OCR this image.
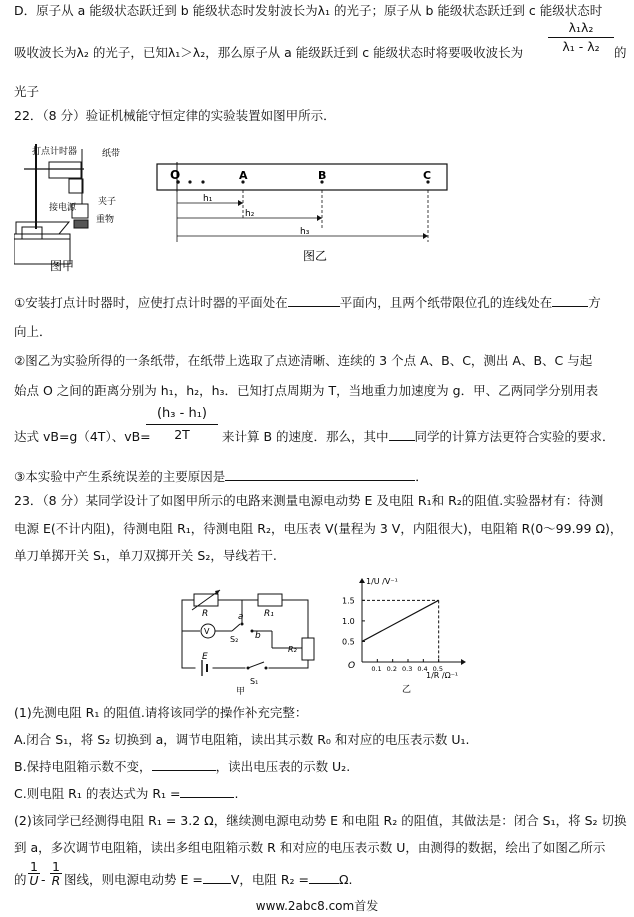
D．原子从 a 能级状态跃迁到 b 能级状态时发射波长为λ₁ 的光子；原子从 b 能级状态跃迁到 c 能级状态时
λ₁λ₂
λ₁ - λ₂
吸收波长为λ₂ 的光子，已知λ₁＞λ₂，那么原子从 a 能级跃迁到 c 能级状态时将要吸收波长为	的
光子
22．（8 分）验证机械能守恒定律的实验装置如图甲所示．
打点计时器	纸带
接电源
夹子
重物
图甲
O	A	B	C
h₁
h₂
h₃
图乙
①安装打点计时器时，应使打点计时器的平面处在	平面内，且两个纸带限位孔的连线处在	方
向上．
②图乙为实验所得的一条纸带，在纸带上选取了点迹清晰、连续的 3 个点 A、B、C，测出 A、B、C 与起
始点 O 之间的距离分别为 h₁，h₂，h₃．已知打点周期为 T，当地重力加速度为 g．甲、乙两同学分别用表
达式 vB=g（4T）、vB=
(h₃ - h₁)
2T	来计算 B 的速度．那么，其中 同学的计算方法更符合实验的要求．
③本实验中产生系统误差的主要原因是	．
23．（8 分）某同学设计了如图甲所示的电路来测量电源电动势 E 及电阻 R₁和 R₂的阻值.实验器材有：待测
电源 E(不计内阻)，待测电阻 R₁，待测电阻 R₂，电压表 V(量程为 3 V，内阻很大)，电阻箱 R(0～99.99 Ω)，
单刀单掷开关 S₁，单刀双掷开关 S₂，导线若干.
R	R₁
V
a
b
S₂
E
S₁
R₂
甲
1/U /V⁻¹
1/R /Ω⁻¹
O
乙
0.5
1.0
1.5
0.1 0.2 0.3 0.4 0.5
(1)先测电阻 R₁ 的阻值.请将该同学的操作补充完整：
A.闭合 S₁，将 S₂ 切换到 a，调节电阻箱，读出其示数 R₀ 和对应的电压表示数 U₁.
B.保持电阻箱示数不变，	，读出电压表的示数 U₂.
C.则电阻 R₁ 的表达式为 R₁ =	.
(2)该同学已经测得电阻 R₁ = 3.2 Ω，继续测电源电动势 E 和电阻 R₂ 的阻值，其做法是：闭合 S₁，将 S₂ 切换
到 a，多次调节电阻箱，读出多组电阻箱示数 R 和对应的电压表示数 U，由测得的数据，绘出了如图乙所示
的
1
U -
1
R 图线，则电源电动势 E = V，电阻 R₂ = Ω.
www.2abc8.com首发
